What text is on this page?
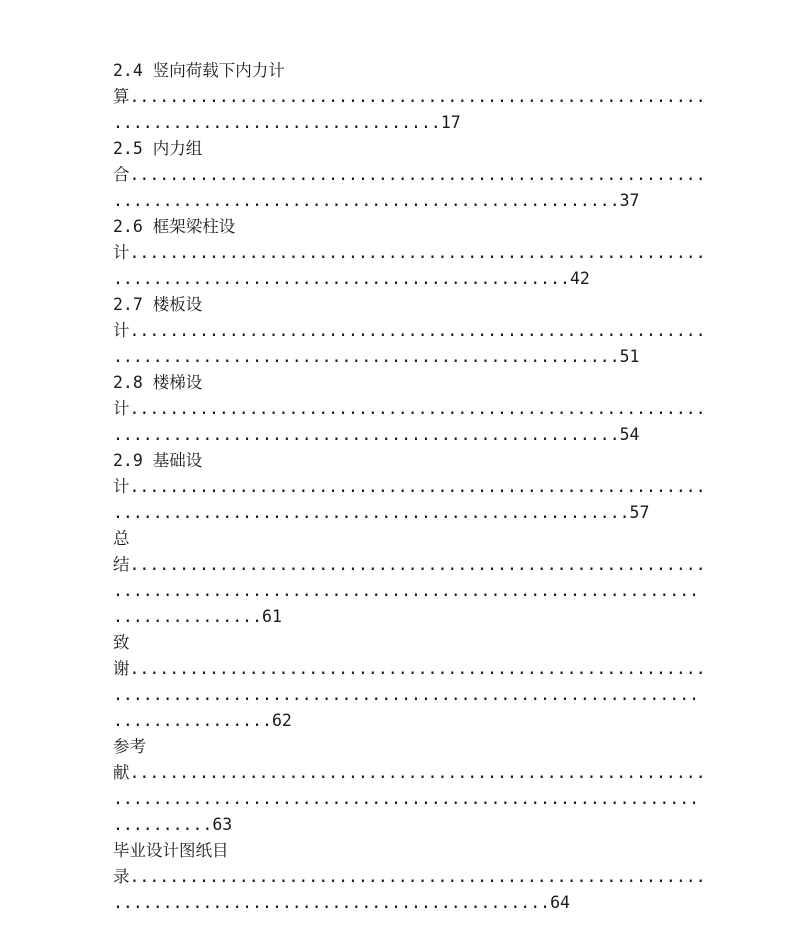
2.4 竖向荷载下内力计
算..........................................................
.................................17
2.5 内力组
合..........................................................
...................................................37
2.6 框架梁柱设
计..........................................................
..............................................42
2.7 楼板设
计..........................................................
...................................................51
2.8 楼梯设
计..........................................................
...................................................54
2.9 基础设
计..........................................................
....................................................57
总
结..........................................................
...........................................................
...............61
致
谢..........................................................
...........................................................
................62
参考
献..........................................................
...........................................................
..........63
毕业设计图纸目
录..........................................................
............................................64
